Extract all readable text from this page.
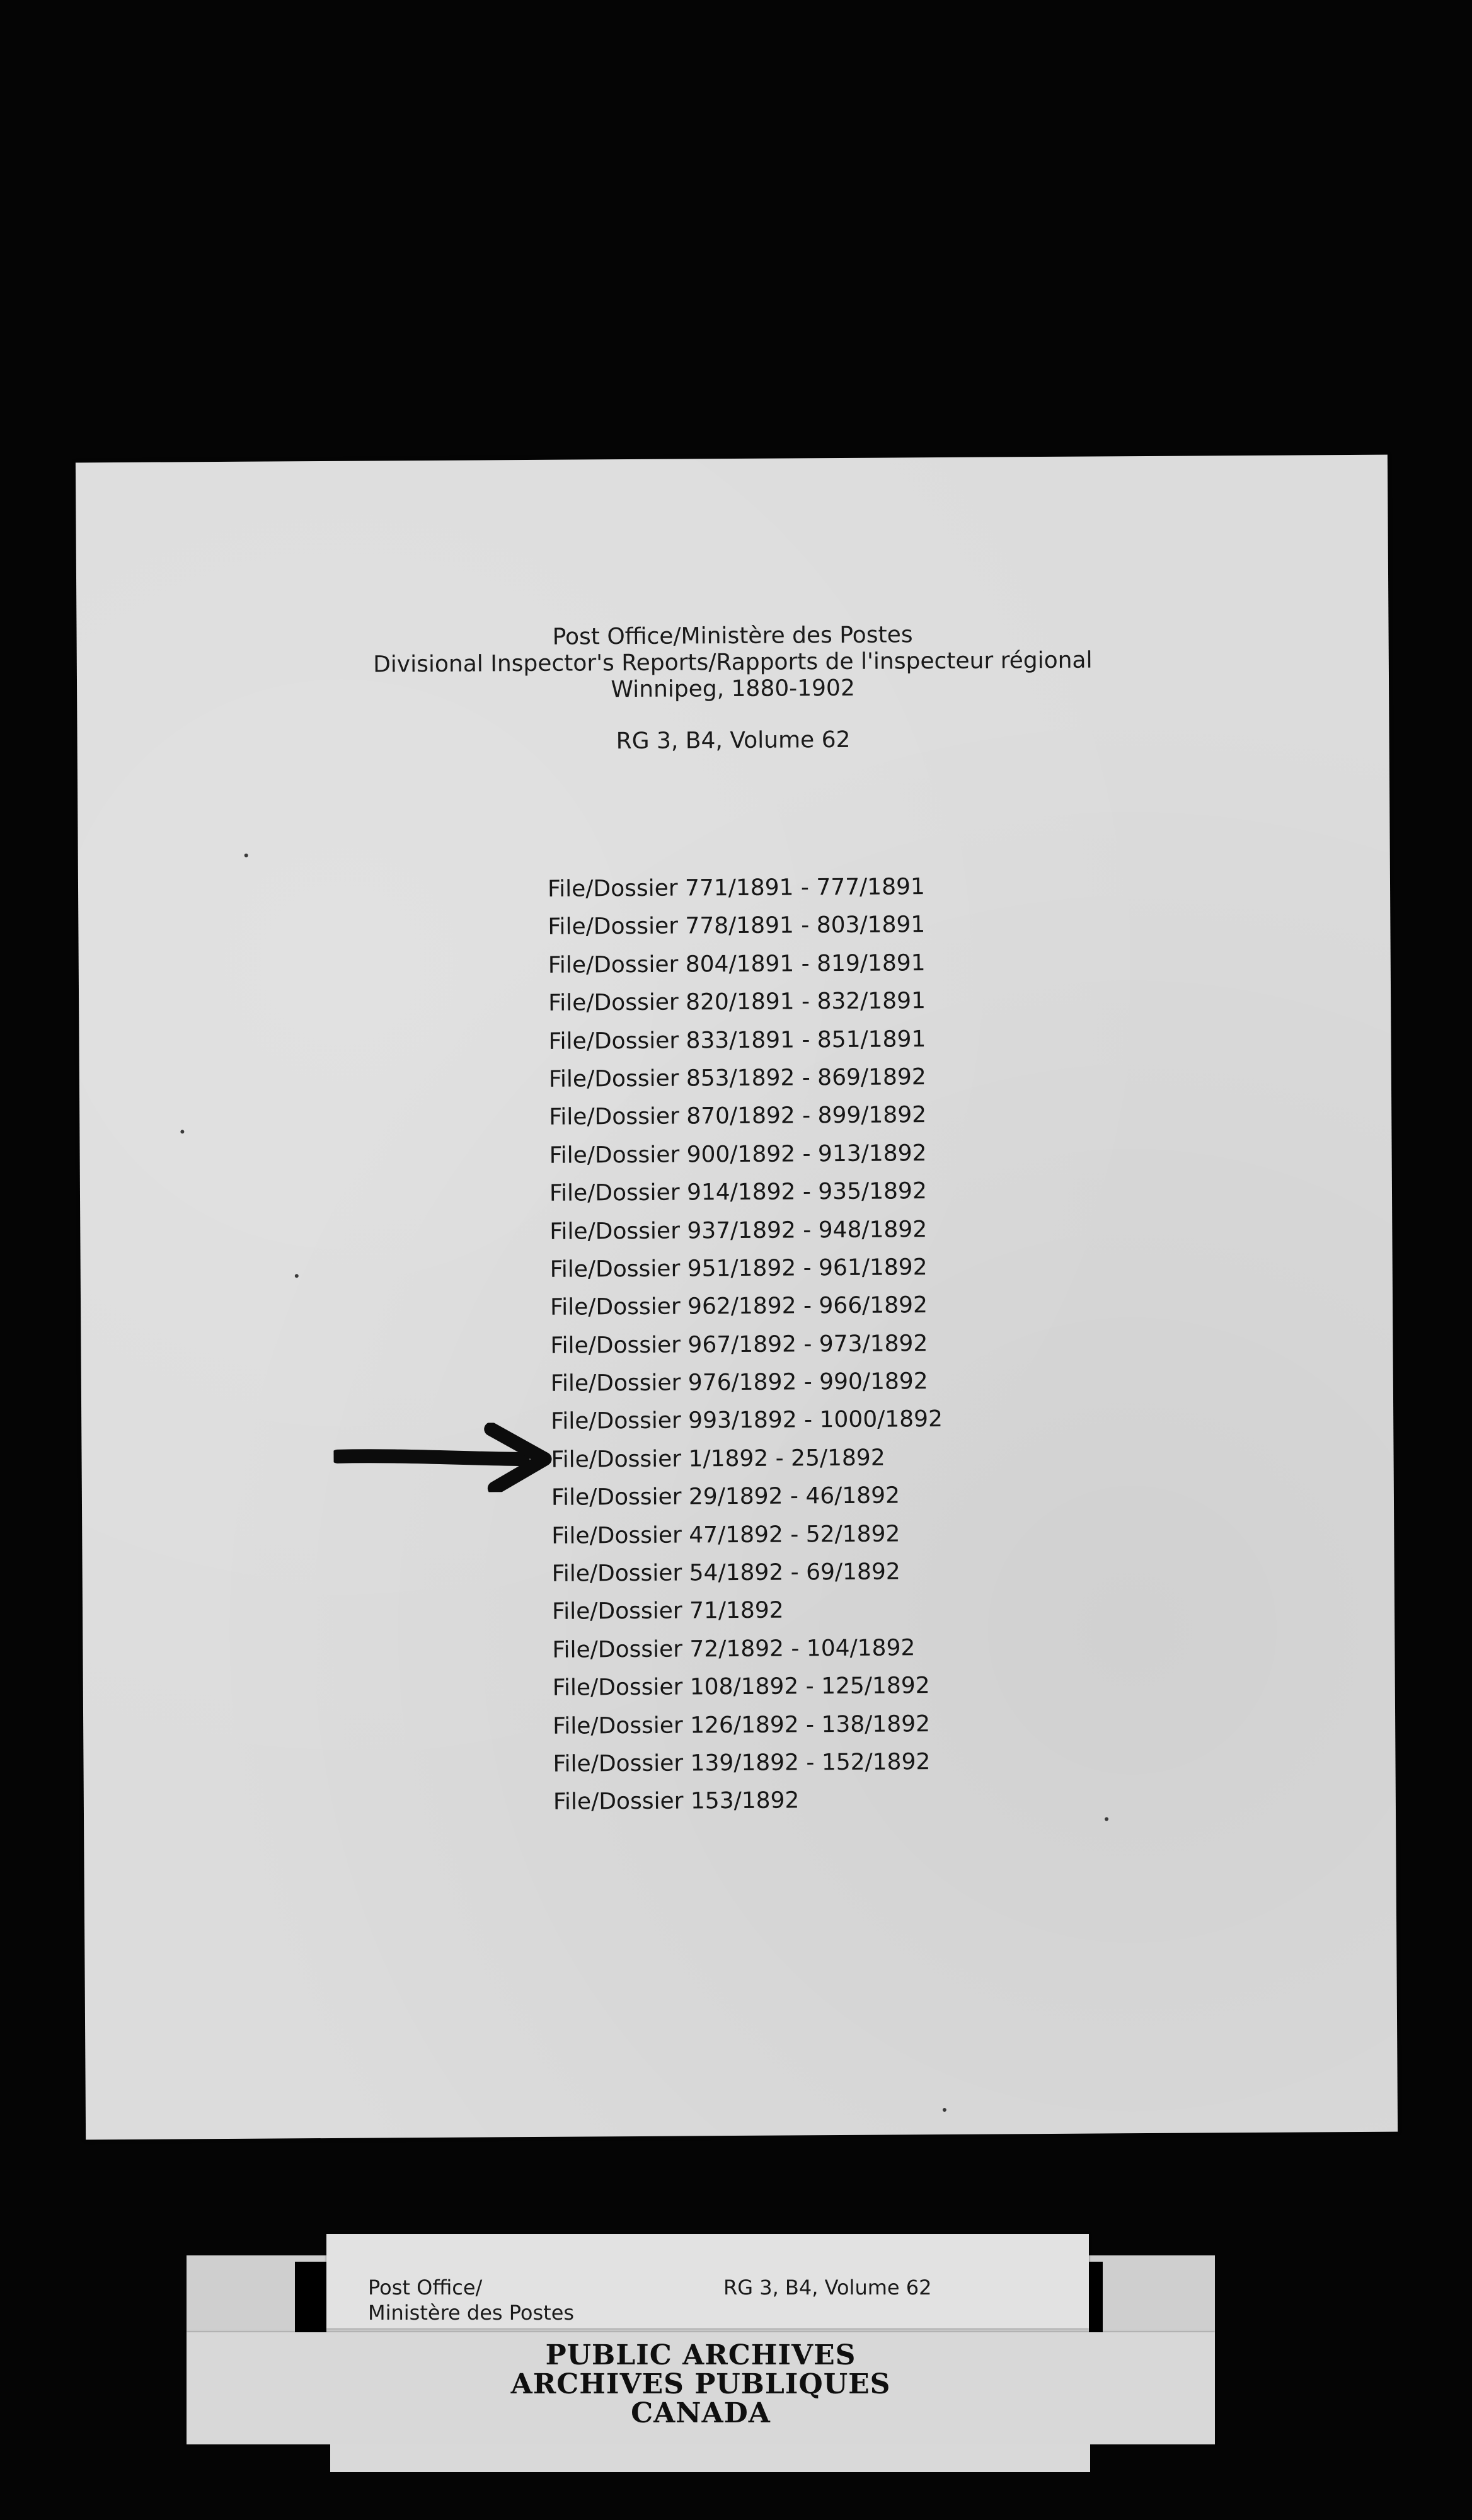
Post Office/Ministère des Postes
Divisional Inspector's Reports/Rapports de l'inspecteur régional
Winnipeg, 1880-1902
RG 3, B4, Volume 62
File/Dossier 771/1891 - 777/1891
File/Dossier 778/1891 - 803/1891
File/Dossier 804/1891 - 819/1891
File/Dossier 820/1891 - 832/1891
File/Dossier 833/1891 - 851/1891
File/Dossier 853/1892 - 869/1892
File/Dossier 870/1892 - 899/1892
File/Dossier 900/1892 - 913/1892
File/Dossier 914/1892 - 935/1892
File/Dossier 937/1892 - 948/1892
File/Dossier 951/1892 - 961/1892
File/Dossier 962/1892 - 966/1892
File/Dossier 967/1892 - 973/1892
File/Dossier 976/1892 - 990/1892
File/Dossier 993/1892 - 1000/1892
File/Dossier 1/1892 - 25/1892
File/Dossier 29/1892 - 46/1892
File/Dossier 47/1892 - 52/1892
File/Dossier 54/1892 - 69/1892
File/Dossier 71/1892
File/Dossier 72/1892 - 104/1892
File/Dossier 108/1892 - 125/1892
File/Dossier 126/1892 - 138/1892
File/Dossier 139/1892 - 152/1892
File/Dossier 153/1892
Post Office/
Ministère des Postes
RG 3, B4, Volume 62
PUBLIC ARCHIVES
ARCHIVES PUBLIQUES
CANADA
